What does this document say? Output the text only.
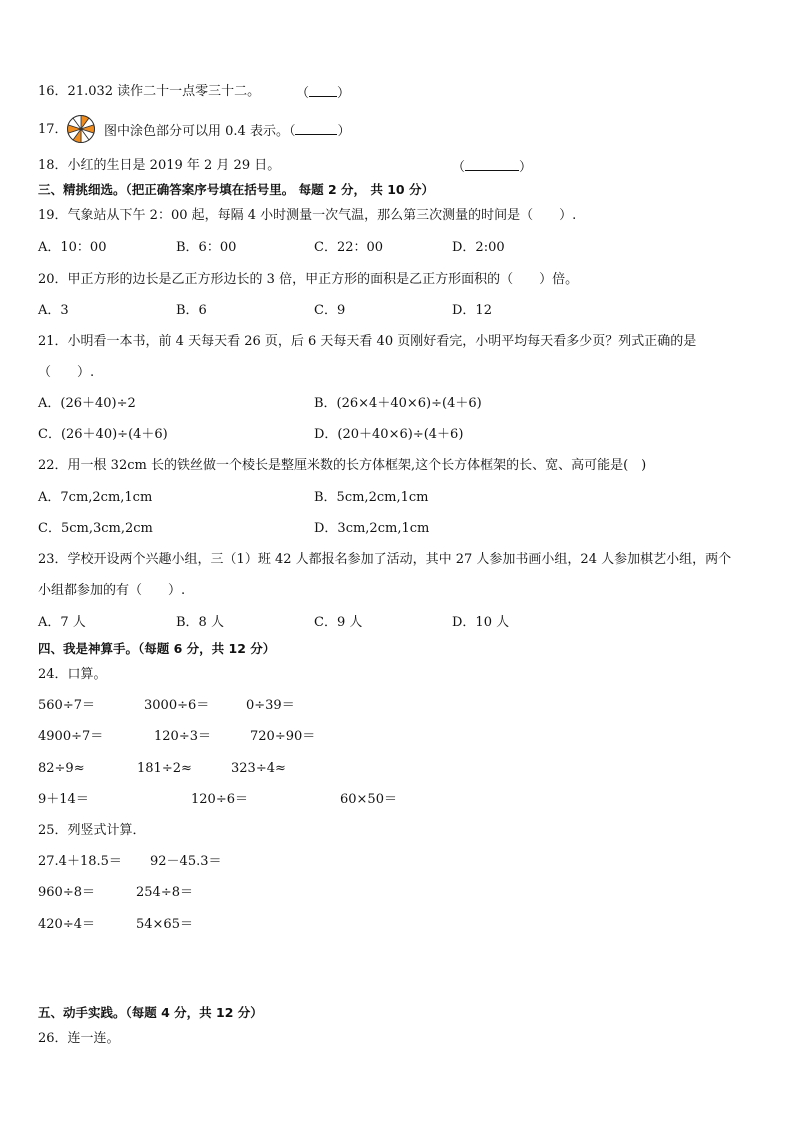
16．21.032 读作二十一点零三十二。	（ ）
17．	图中涂色部分可以用 0.4 表示。（	）
18．小红的生日是 2019 年 2 月 29 日。	（	）
三、精挑细选。（把正确答案序号填在括号里。 每题 2 分， 共 10 分）
19．气象站从下午 2：00 起，每隔 4 小时测量一次气温，那么第三次测量的时间是（　　）.
A．10：00	B．6：00	C．22：00	D．2:00
20．甲正方形的边长是乙正方形边长的 3 倍，甲正方形的面积是乙正方形面积的（　　）倍。
A．3	B．6	C．9	D．12
21．小明看一本书，前 4 天每天看 26 页，后 6 天每天看 40 页刚好看完，小明平均每天看多少页？列式正确的是
（　　）.
A．(26＋40)÷2	B．(26×4＋40×6)÷(4＋6)
C．(26＋40)÷(4＋6)	D．(20＋40×6)÷(4＋6)
22．用一根 32cm 长的铁丝做一个棱长是整厘米数的长方体框架,这个长方体框架的长、宽、高可能是(　)
A．7cm,2cm,1cm	B．5cm,2cm,1cm
C．5cm,3cm,2cm	D．3cm,2cm,1cm
23．学校开设两个兴趣小组，三（1）班 42 人都报名参加了活动，其中 27 人参加书画小组，24 人参加棋艺小组，两个
小组都参加的有（　　）.
A．7 人	B．8 人	C．9 人	D．10 人
四、我是神算手。（每题 6 分，共 12 分）
24．口算。
560÷7＝	3000÷6＝	0÷39＝
4900÷7＝	120÷3＝	720÷90＝
82÷9≈	181÷2≈	323÷4≈
9＋14＝	120÷6＝	60×50＝
25．列竖式计算．
27.4＋18.5＝ 92－45.3＝
960÷8＝	254÷8＝
420÷4＝	54×65＝
五、动手实践。（每题 4 分，共 12 分）
26．连一连。
